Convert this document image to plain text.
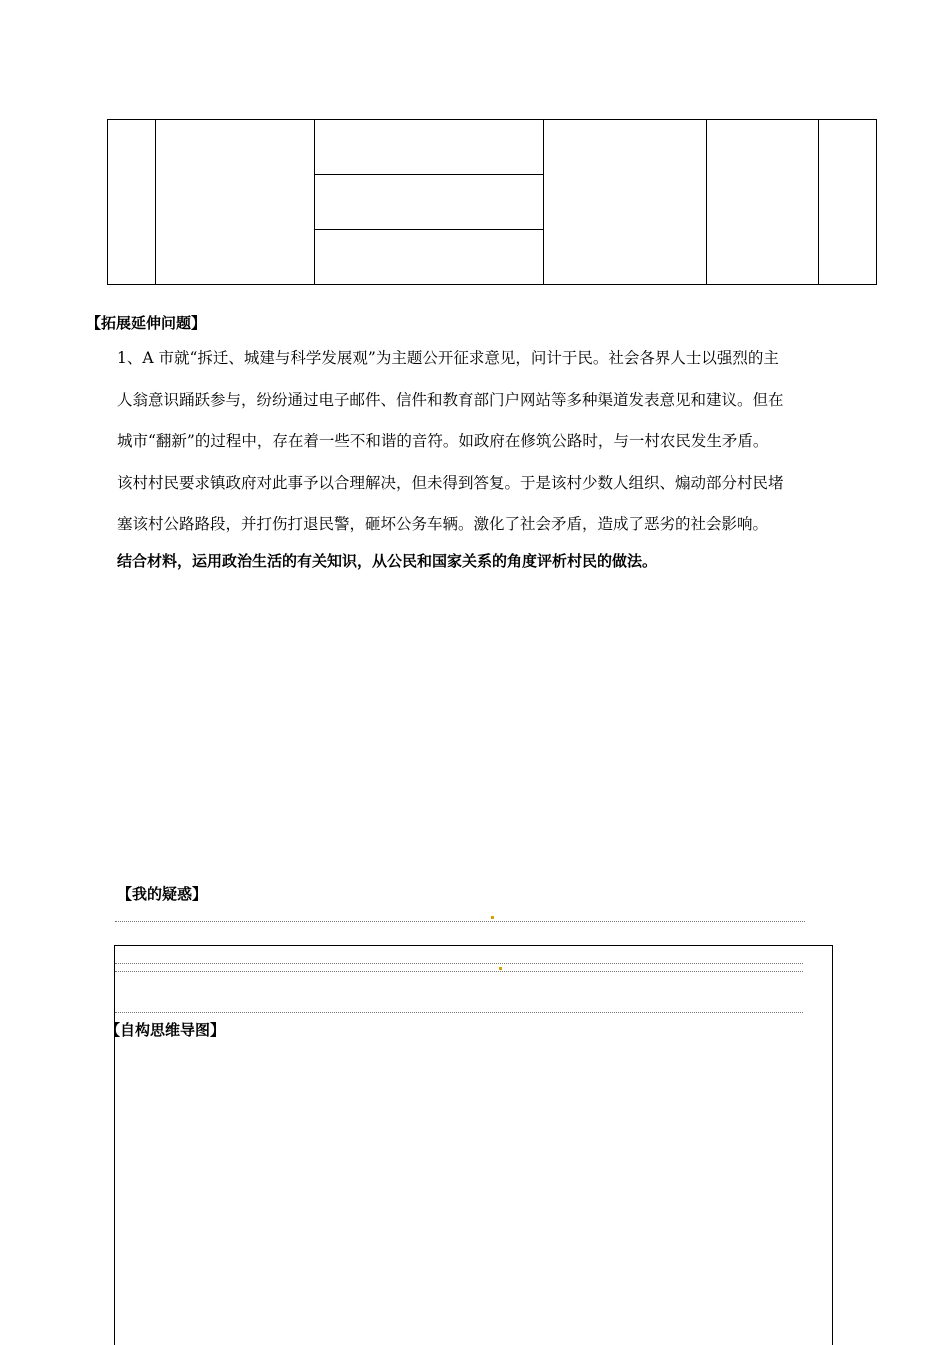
【拓展延伸问题】
1、A 市就“拆迁、城建与科学发展观”为主题公开征求意见，问计于民。社会各界人士以强烈的主
人翁意识踊跃参与，纷纷通过电子邮件、信件和教育部门户网站等多种渠道发表意见和建议。但在
城市“翻新”的过程中，存在着一些不和谐的音符。如政府在修筑公路时，与一村农民发生矛盾。
该村村民要求镇政府对此事予以合理解决，但未得到答复。于是该村少数人组织、煽动部分村民堵
塞该村公路路段，并打伤打退民警，砸坏公务车辆。激化了社会矛盾，造成了恶劣的社会影响。
结合材料，运用政治生活的有关知识，从公民和国家关系的角度评析村民的做法。
【我的疑惑】
【自构思维导图】
